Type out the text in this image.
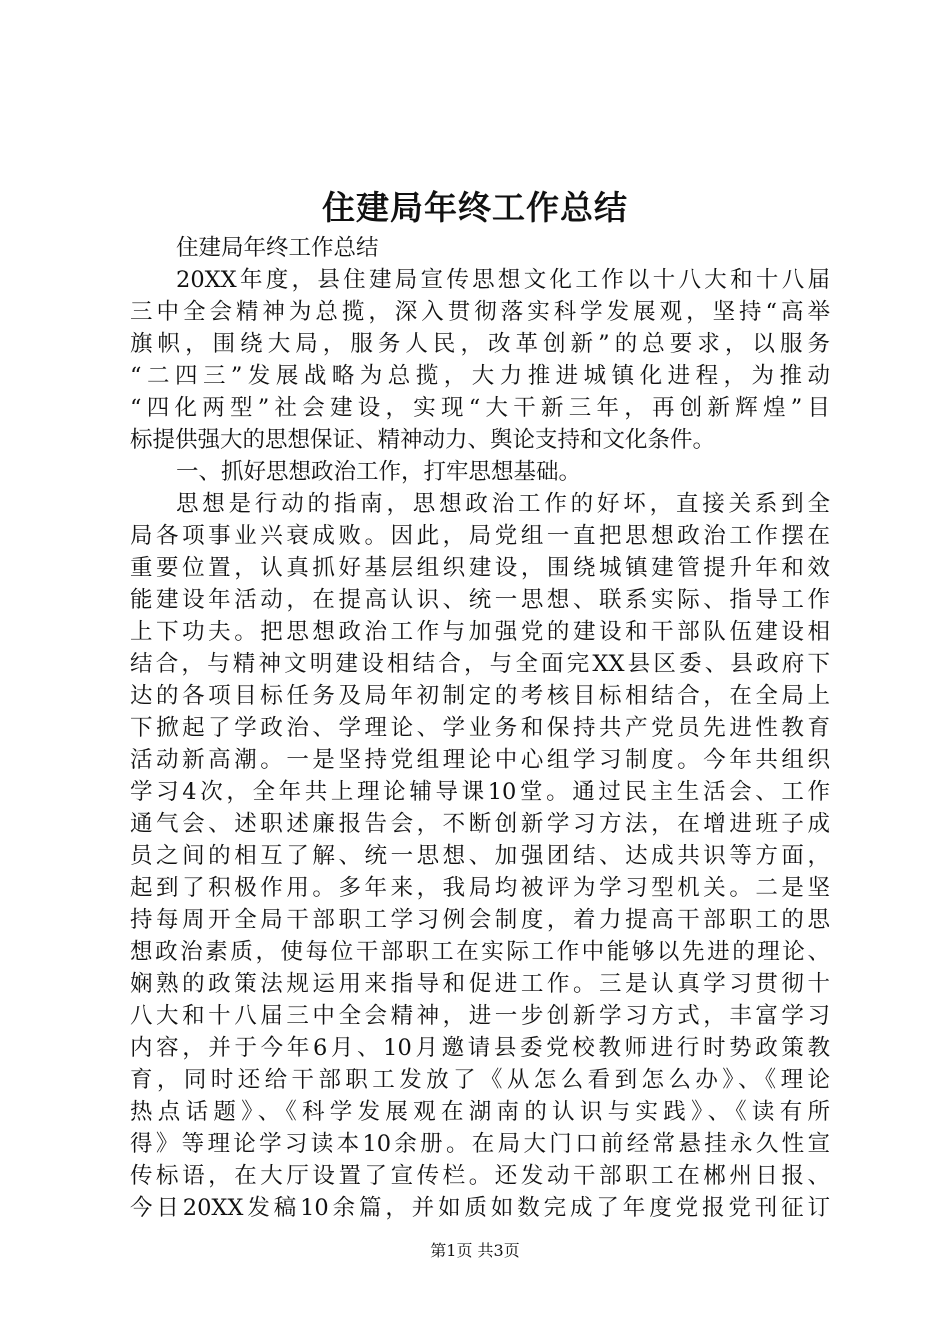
住建局年终工作总结
住建局年终工作总结
20XX年度，县住建局宣传思想文化工作以十八大和十八届
三中全会精神为总揽，深入贯彻落实科学发展观，坚持“高举
旗帜，围绕大局，服务人民，改革创新”的总要求，以服务
“二四三”发展战略为总揽，大力推进城镇化进程，为推动
“四化两型”社会建设，实现“大干新三年，再创新辉煌”目
标提供强大的思想保证、精神动力、舆论支持和文化条件。
一、抓好思想政治工作，打牢思想基础。
思想是行动的指南，思想政治工作的好坏，直接关系到全
局各项事业兴衰成败。因此，局党组一直把思想政治工作摆在
重要位置，认真抓好基层组织建设，围绕城镇建管提升年和效
能建设年活动，在提高认识、统一思想、联系实际、指导工作
上下功夫。把思想政治工作与加强党的建设和干部队伍建设相
结合，与精神文明建设相结合，与全面完XX县区委、县政府下
达的各项目标任务及局年初制定的考核目标相结合，在全局上
下掀起了学政治、学理论、学业务和保持共产党员先进性教育
活动新高潮。一是坚持党组理论中心组学习制度。今年共组织
学习4次，全年共上理论辅导课10堂。通过民主生活会、工作
通气会、述职述廉报告会，不断创新学习方法，在增进班子成
员之间的相互了解、统一思想、加强团结、达成共识等方面，
起到了积极作用。多年来，我局均被评为学习型机关。二是坚
持每周开全局干部职工学习例会制度，着力提高干部职工的思
想政治素质，使每位干部职工在实际工作中能够以先进的理论、
娴熟的政策法规运用来指导和促进工作。三是认真学习贯彻十
八大和十八届三中全会精神，进一步创新学习方式，丰富学习
内容，并于今年6月、10月邀请县委党校教师进行时势政策教
育，同时还给干部职工发放了《从怎么看到怎么办》、《理论
热点话题》、《科学发展观在湖南的认识与实践》、《读有所
得》等理论学习读本10余册。在局大门口前经常悬挂永久性宣
传标语，在大厅设置了宣传栏。还发动干部职工在郴州日报、
今日20XX发稿10余篇，并如质如数完成了年度党报党刊征订
第1页 共3页
